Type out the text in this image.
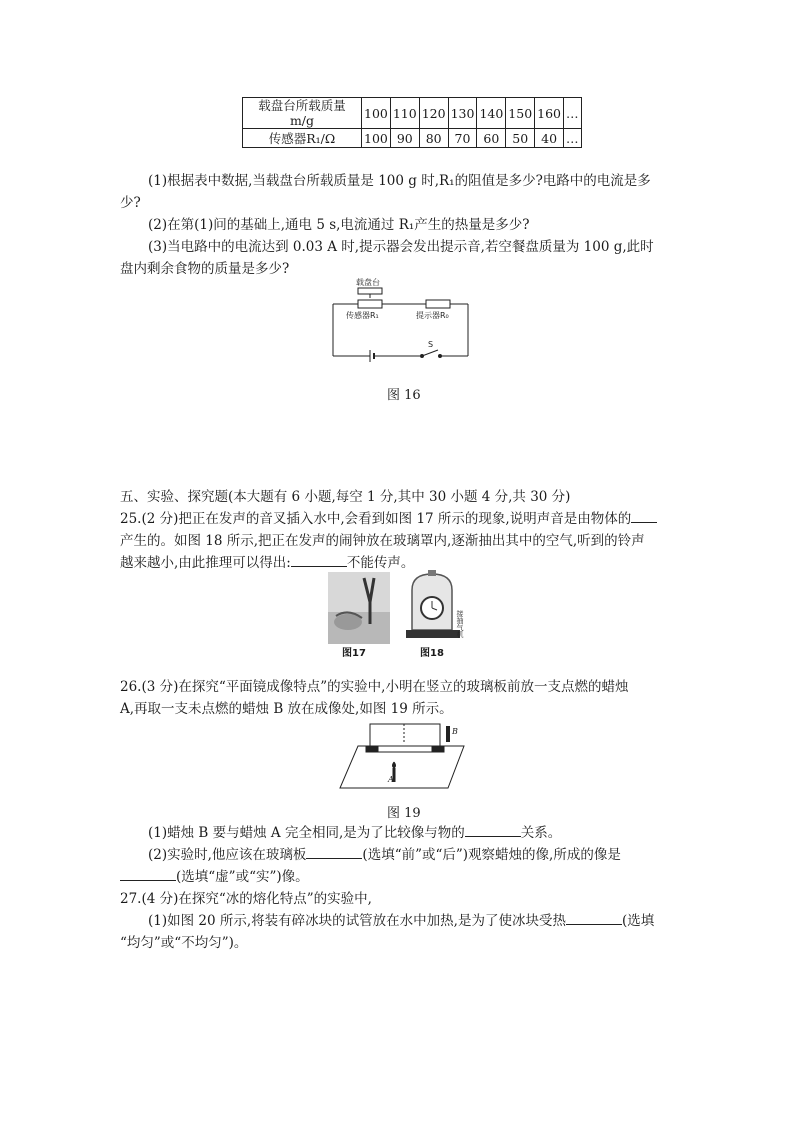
载盘台所载质量
m/g	100	110	120	130	140	150	160	…
传感器R₁/Ω	100	90	80	70	60	50	40	…
(1)根据表中数据,当载盘台所载质量是 100 g 时,R₁的阻值是多少?电路中的电流是多
少?
(2)在第(1)问的基础上,通电 5 s,电流通过 R₁产生的热量是多少?
(3)当电路中的电流达到 0.03 A 时,提示器会发出提示音,若空餐盘质量为 100 g,此时
盘内剩余食物的质量是多少?
载盘台
传感器R₁	提示器R₀
S
图 16
五、实验、探究题(本大题有 6 小题,每空 1 分,其中 30 小题 4 分,共 30 分)
25.(2 分)把正在发声的音叉插入水中,会看到如图 17 所示的现象,说明声音是由物体的
产生的。如图 18 所示,把正在发声的闹钟放在玻璃罩内,逐渐抽出其中的空气,听到的铃声
越来越小,由此推理可以得出:	不能传声。
图17
接抽气机
图18
26.(3 分)在探究“平面镜成像特点”的实验中,小明在竖立的玻璃板前放一支点燃的蜡烛
A,再取一支未点燃的蜡烛 B 放在成像处,如图 19 所示。
A
B
图 19
(1)蜡烛 B 要与蜡烛 A 完全相同,是为了比较像与物的	关系。
(2)实验时,他应该在玻璃板	(选填“前”或“后”)观察蜡烛的像,所成的像是
(选填“虚”或“实”)像。
27.(4 分)在探究“冰的熔化特点”的实验中,
(1)如图 20 所示,将装有碎冰块的试管放在水中加热,是为了使冰块受热	(选填
“均匀”或“不均匀”)。
